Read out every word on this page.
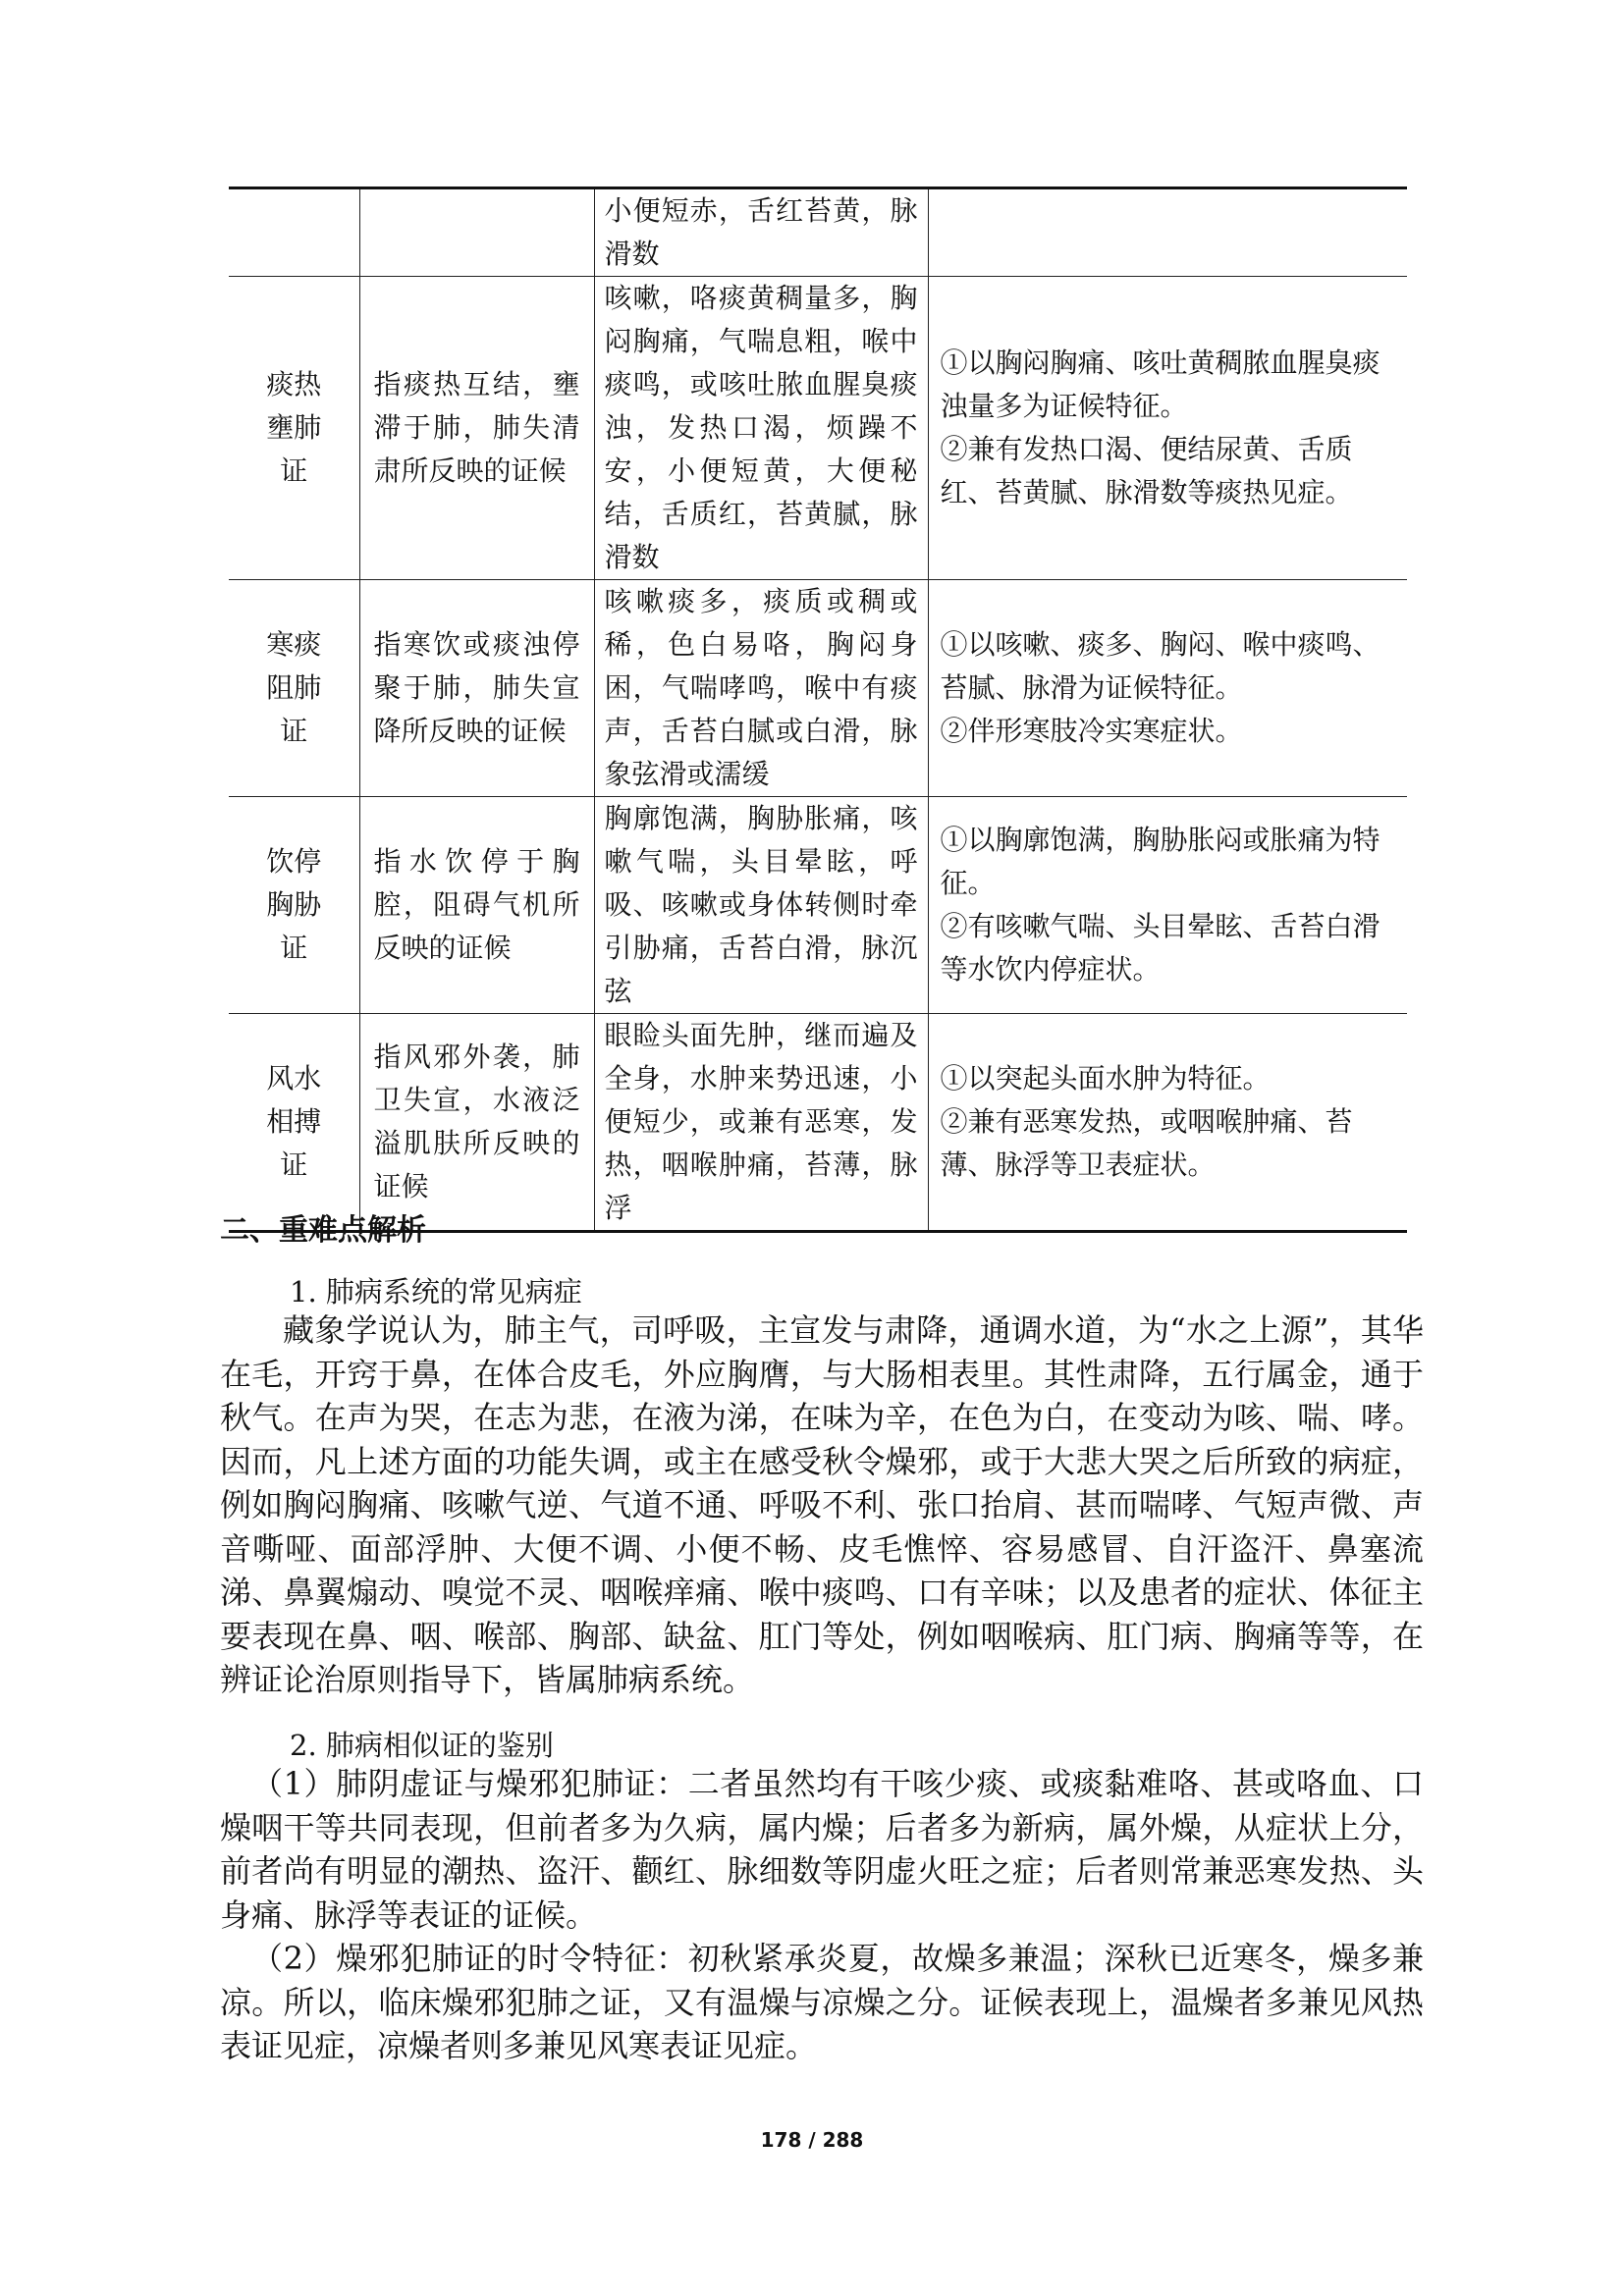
		小便短赤，舌红苔黄，脉滑数	
痰热壅肺证	指痰热互结，壅滞于肺，肺失清肃所反映的证候	咳嗽，咯痰黄稠量多，胸闷胸痛，气喘息粗，喉中痰鸣，或咳吐脓血腥臭痰浊，发热口渴，烦躁不安，小便短黄，大便秘结，舌质红，苔黄腻，脉滑数	①以胸闷胸痛、咳吐黄稠脓血腥臭痰浊量多为证候特征。
②兼有发热口渴、便结尿黄、舌质红、苔黄腻、脉滑数等痰热见症。
寒痰阻肺证	指寒饮或痰浊停聚于肺，肺失宣降所反映的证候	咳嗽痰多，痰质或稠或稀，色白易咯，胸闷身困，气喘哮鸣，喉中有痰声，舌苔白腻或白滑，脉象弦滑或濡缓	①以咳嗽、痰多、胸闷、喉中痰鸣、苔腻、脉滑为证候特征。
②伴形寒肢冷实寒症状。
饮停胸胁证	指水饮停于胸腔，阻碍气机所反映的证候	胸廓饱满，胸胁胀痛，咳嗽气喘，头目晕眩，呼吸、咳嗽或身体转侧时牵引胁痛，舌苔白滑，脉沉弦	①以胸廓饱满，胸胁胀闷或胀痛为特征。
②有咳嗽气喘、头目晕眩、舌苔白滑等水饮内停症状。
风水相搏证	指风邪外袭，肺卫失宣，水液泛溢肌肤所反映的证候	眼睑头面先肿，继而遍及全身，水肿来势迅速，小便短少，或兼有恶寒，发热，咽喉肿痛，苔薄，脉浮	①以突起头面水肿为特征。
②兼有恶寒发热，或咽喉肿痛、苔薄、脉浮等卫表症状。
二、重难点解析
1. 肺病系统的常见病症

藏象学说认为，肺主气，司呼吸，主宣发与肃降，通调水道，为“水之上源”，其华在毛，开窍于鼻，在体合皮毛，外应胸膺，与大肠相表里。其性肃降，五行属金，通于秋气。在声为哭，在志为悲，在液为涕，在味为辛，在色为白，在变动为咳、喘、哮。因而，凡上述方面的功能失调，或主在感受秋令燥邪，或于大悲大哭之后所致的病症，例如胸闷胸痛、咳嗽气逆、气道不通、呼吸不利、张口抬肩、甚而喘哮、气短声微、声音嘶哑、面部浮肿、大便不调、小便不畅、皮毛憔悴、容易感冒、自汗盗汗、鼻塞流涕、鼻翼煽动、嗅觉不灵、咽喉痒痛、喉中痰鸣、口有辛味；以及患者的症状、体征主要表现在鼻、咽、喉部、胸部、缺盆、肛门等处，例如咽喉病、肛门病、胸痛等等，在辨证论治原则指导下，皆属肺病系统。

2. 肺病相似证的鉴别

（1）肺阴虚证与燥邪犯肺证：二者虽然均有干咳少痰、或痰黏难咯、甚或咯血、口燥咽干等共同表现，但前者多为久病，属内燥；后者多为新病，属外燥，从症状上分，前者尚有明显的潮热、盗汗、颧红、脉细数等阴虚火旺之症；后者则常兼恶寒发热、头身痛、脉浮等表证的证候。

（2）燥邪犯肺证的时令特征：初秋紧承炎夏，故燥多兼温；深秋已近寒冬，燥多兼凉。所以，临床燥邪犯肺之证，又有温燥与凉燥之分。证候表现上，温燥者多兼见风热表证见症，凉燥者则多兼见风寒表证见症。

178 / 288
